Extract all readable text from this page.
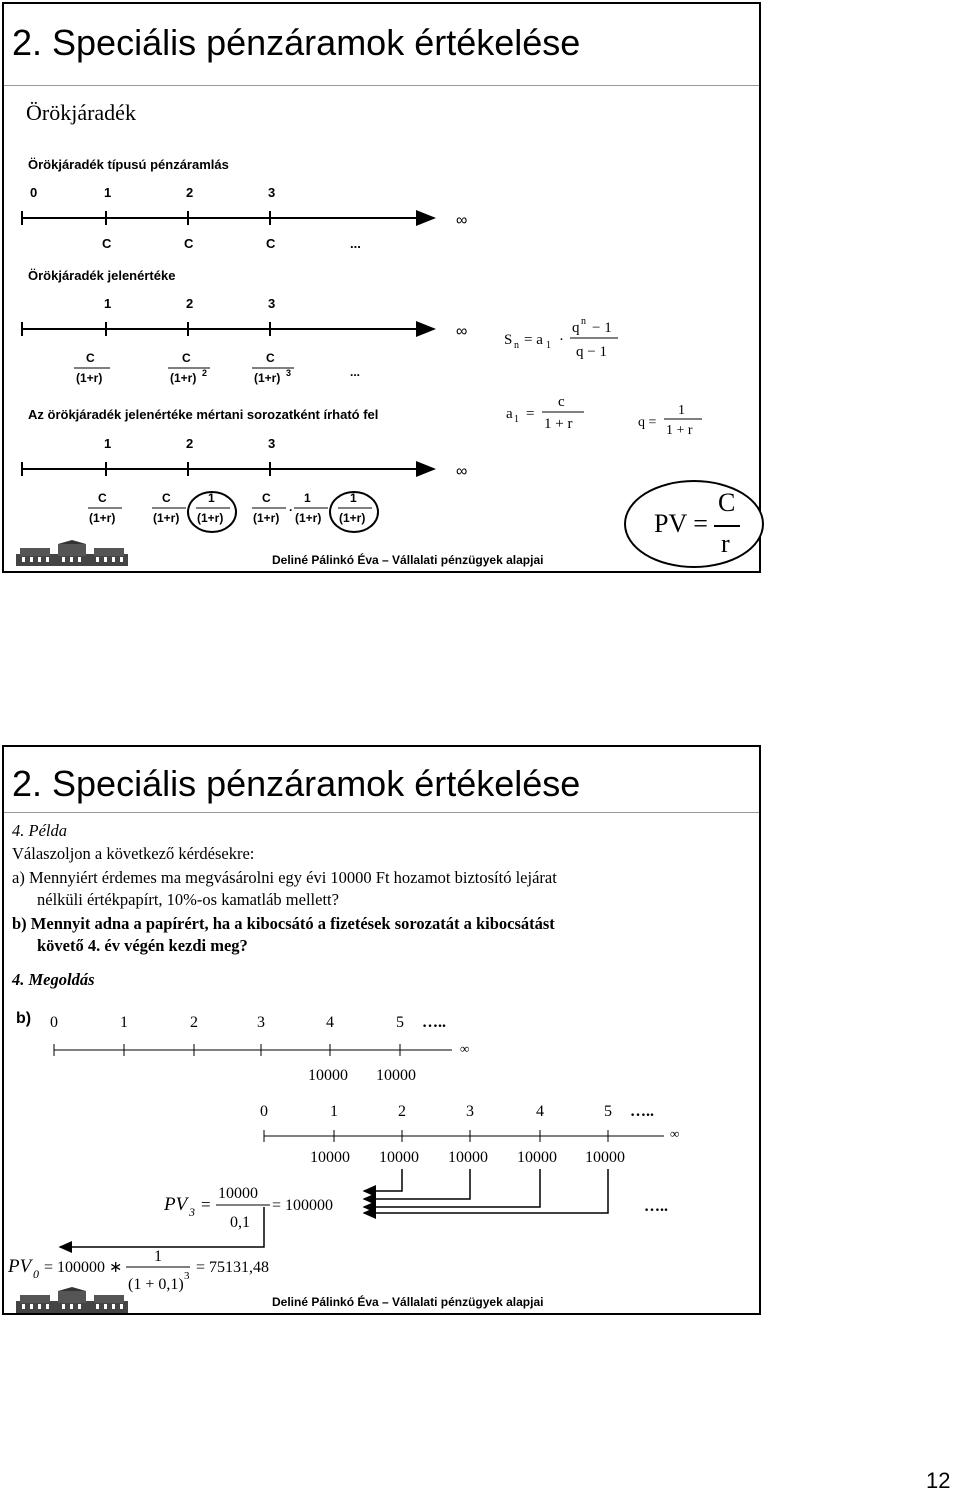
2. Speciális pénzáramok értékelése
Örökjáradék
Örökjáradék típusú pénzáramlás
0	1	2	3
∞
C	C	C	...
Örökjáradék jelenértéke
1	2	3
∞
C
(1+r)
C
(1+r) 2
C
(1+r) 3	...
S n = a 1 ·
q n − 1
q − 1
a 1 =
c
1 + r	q =
1
1 + r
Az örökjáradék jelenértéke mértani sorozatként írható fel
1	2	3
∞
C
(1+r)
C
(1+r)
1
(1+r)
C
(1+r)
·
1
(1+r)
1
(1+r)	PV =
C
r
Deliné Pálinkó Éva – Vállalati pénzügyek alapjai
2. Speciális pénzáramok értékelése
4. Példa
Válaszoljon a következő kérdésekre:
a) Mennyiért érdemes ma megvásárolni egy évi 10000 Ft hozamot biztosító lejárat
nélküli értékpapírt, 10%-os kamatláb mellett?
b) Mennyit adna a papírért, ha a kibocsátó a fizetések sorozatát a kibocsátást
követő 4. év végén kezdi meg?
4. Megoldás
b) 0	1	2	3	4	5 …..
∞
10000 10000
0	1	2	3	4	5 …..
∞
10000 10000 10000 10000 10000
…..
PV 3 =
10000
0,1
= 100000
PV 0 = 100000 ∗
1
(1 + 0,1) 3 = 75131,48
Deliné Pálinkó Éva – Vállalati pénzügyek alapjai
12
